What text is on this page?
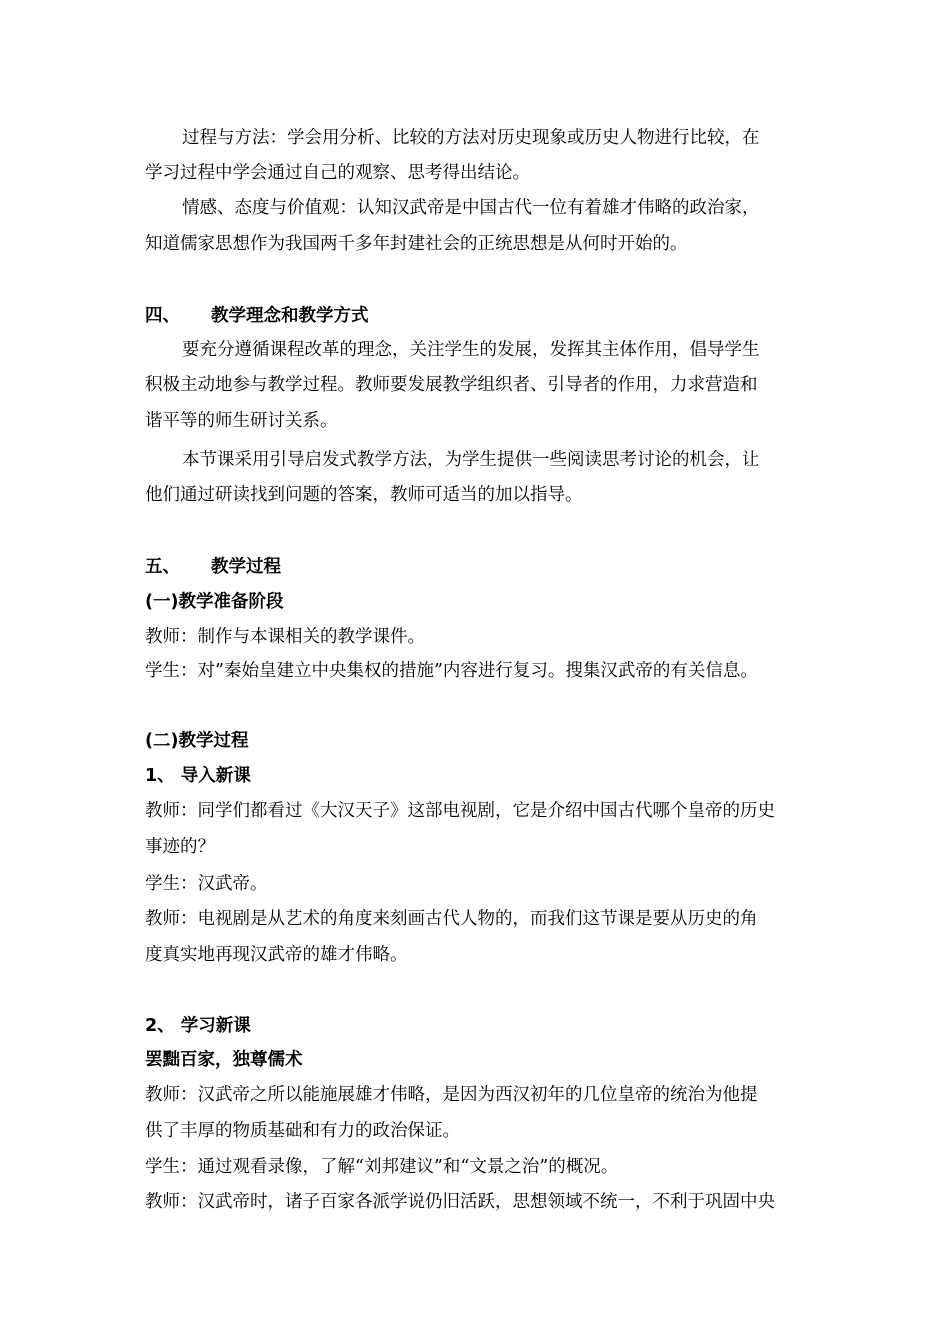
过程与方法：学会用分析、比较的方法对历史现象或历史人物进行比较，在
学习过程中学会通过自己的观察、思考得出结论。
情感、态度与价值观：认知汉武帝是中国古代一位有着雄才伟略的政治家，
知道儒家思想作为我国两千多年封建社会的正统思想是从何时开始的。
四、 教学理念和教学方式
要充分遵循课程改革的理念，关注学生的发展，发挥其主体作用，倡导学生
积极主动地参与教学过程。教师要发展教学组织者、引导者的作用，力求营造和
谐平等的师生研讨关系。
本节课采用引导启发式教学方法，为学生提供一些阅读思考讨论的机会，让
他们通过研读找到问题的答案，教师可适当的加以指导。
五、 教学过程
(一)教学准备阶段
教师：制作与本课相关的教学课件。
学生：对”秦始皇建立中央集权的措施”内容进行复习。搜集汉武帝的有关信息。
(二)教学过程
1、 导入新课
教师：同学们都看过《大汉天子》这部电视剧，它是介绍中国古代哪个皇帝的历史
事迹的？
学生：汉武帝。
教师：电视剧是从艺术的角度来刻画古代人物的，而我们这节课是要从历史的角
度真实地再现汉武帝的雄才伟略。
2、 学习新课
罢黜百家，独尊儒术
教师：汉武帝之所以能施展雄才伟略，是因为西汉初年的几位皇帝的统治为他提
供了丰厚的物质基础和有力的政治保证。
学生：通过观看录像，了解“刘邦建议”和“文景之治”的概况。
教师：汉武帝时，诸子百家各派学说仍旧活跃，思想领域不统一，不利于巩固中央
